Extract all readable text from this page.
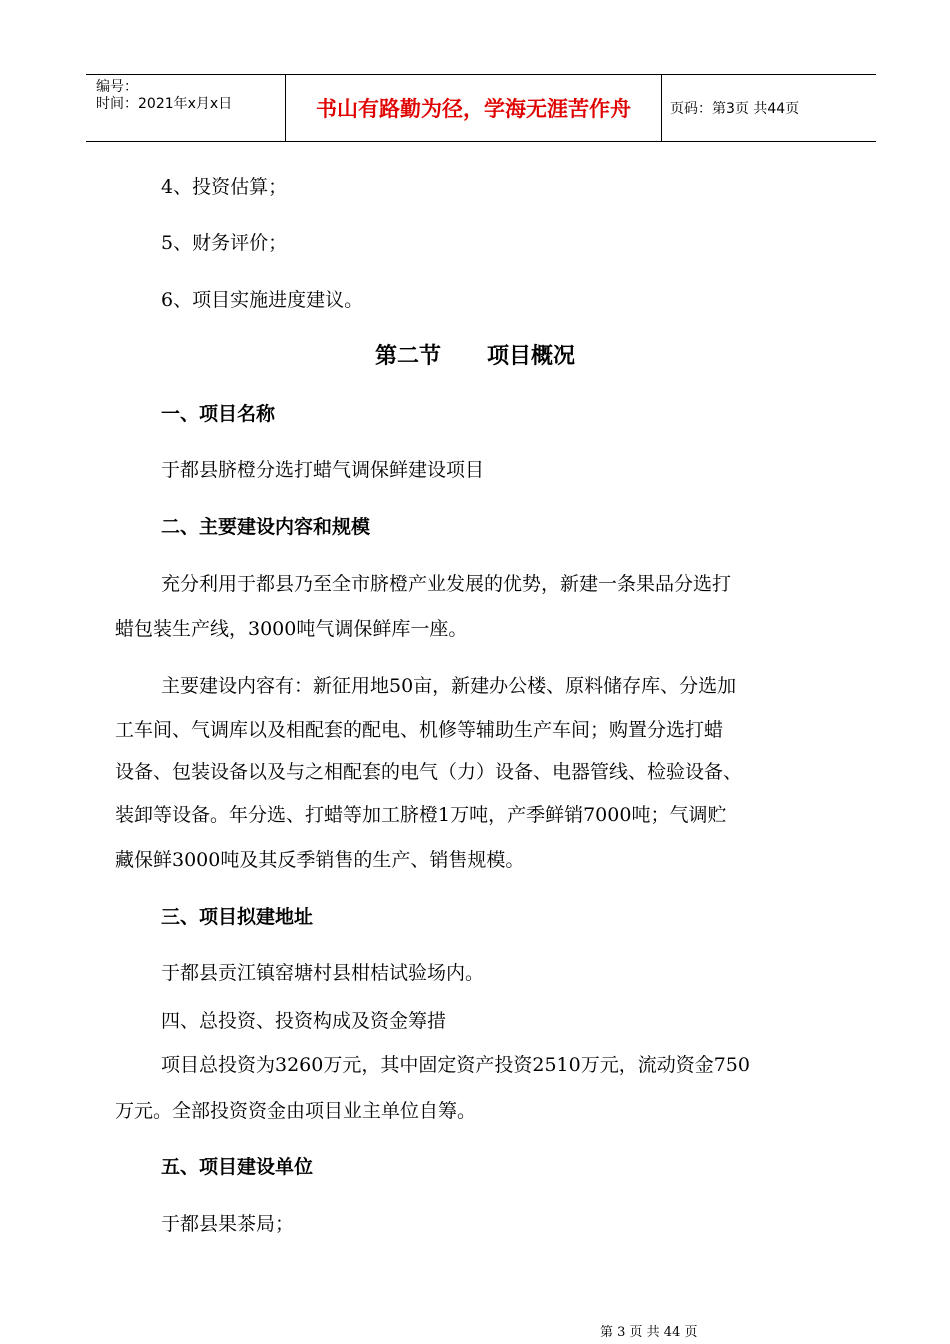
编号：
时间：2021年x月x日	书山有路勤为径，学海无涯苦作舟	页码：第3页 共44页
4、投资估算；
5、财务评价；
6、项目实施进度建议。
第二节      项目概况
一、项目名称
于都县脐橙分选打蜡气调保鲜建设项目
二、主要建设内容和规模
充分利用于都县乃至全市脐橙产业发展的优势，新建一条果品分选打
蜡包装生产线，3000吨气调保鲜库一座。
主要建设内容有：新征用地50亩，新建办公楼、原料储存库、分选加
工车间、气调库以及相配套的配电、机修等辅助生产车间；购置分选打蜡
设备、包装设备以及与之相配套的电气（力）设备、电器管线、检验设备、
装卸等设备。年分选、打蜡等加工脐橙1万吨，产季鲜销7000吨；气调贮
藏保鲜3000吨及其反季销售的生产、销售规模。
三、项目拟建地址
于都县贡江镇窑塘村县柑桔试验场内。
四、总投资、投资构成及资金筹措
项目总投资为3260万元，其中固定资产投资2510万元，流动资金750
万元。全部投资资金由项目业主单位自筹。
五、项目建设单位
于都县果茶局；
第 3 页 共 44 页
